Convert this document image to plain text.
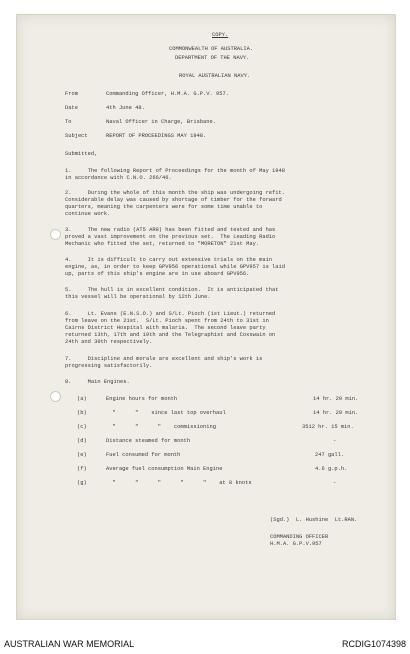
COPY.
COMMONWEALTH OF AUSTRALIA.
DEPARTMENT OF THE NAVY.
ROYAL AUSTRALIAN NAVY.
From	Commanding Officer, H.M.A. G.P.V. 957.
Date	4th June 48.
To	Naval Officer in Charge, Brisbane.
Subject	REPORT OF PROCEEDINGS MAY 1948.
Submitted,
1.     The following Report of Proceedings for the month of May 1948
in accordance with C.N.O. 266/46.
2.     During the whole of this month the ship was undergoing refit.
Considerable delay was caused by shortage of timber for the forward
quarters, meaning the carpenters were for some time unable to
continue work.
3.     The new radio (AT5 AR8) has been fitted and tested and has
proved a vast improvement on the previous set.  The Leading Radio
Mechanic who fitted the set, returned to "MORETON" 21st May.
4.     It is difficult to carry out extensive trials on the main
engine, as, in order to keep GPV956 operational while GPV957 is laid
up, parts of this ship's engine are in use aboard GPV956.
5.     The hull is in excellent condition.  It is anticipated that
this vessel will be operational by 12th June.
6.     Lt. Evans (E.N.S.O.) and S/Lt. Pioch (1st Lieut.) returned
from leave on the 21st.  S/Lt. Pioch spent from 24th to 31st in
Cairns District Hospital with malaria.  The second leave party
returned 13th, 17th and 19th and the Telegraphist and Coxswain on
24th and 30th respectively.
7.     Discipline and morale are excellent and ship's work is
progressing satisfactorily.
8.     Main Engines.
(a)	Engine hours for month	14 hr. 20 min.
(b)	"      "    since last top overhaul	14 hr. 20 min.
(c)	"      "      "    commissioning	3512 hr. 15 min.
(d)	Distance steamed for month	-
(e)	Fuel consumed for month	247 gall.
(f)	Average fuel consumption Main Engine	4.6 g.p.h.
(g)	"      "      "      "      "    at 8 knots	-
(Sgd.)  L. Hushine  Lt.RAN.
COMMANDING OFFICER
H.M.A. G.P.V.957
AUSTRALIAN WAR MEMORIAL	RCDIG1074398
